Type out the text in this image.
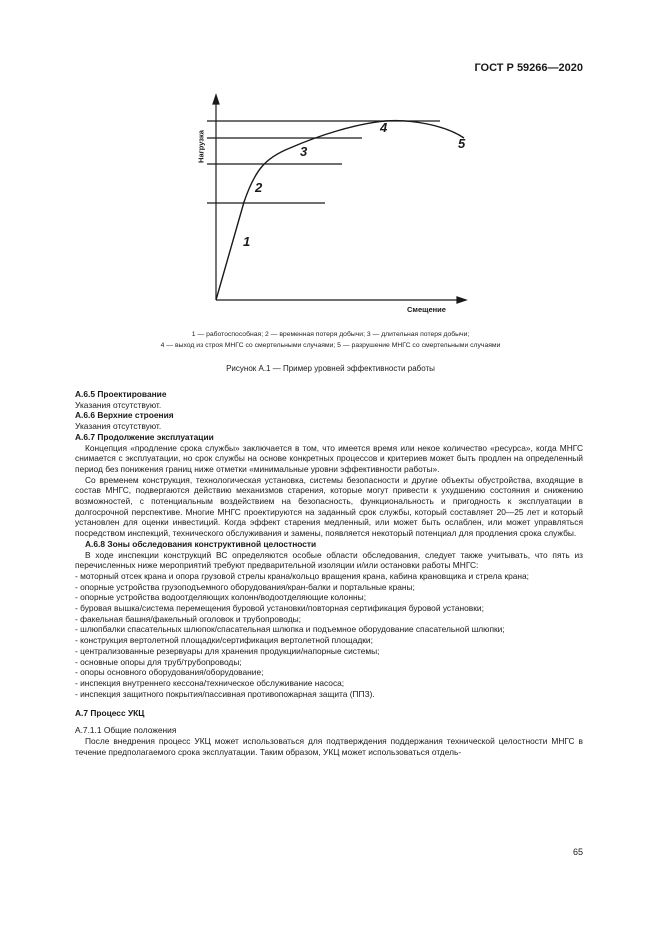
ГОСТ Р 59266—2020
Нагрузка
Смещение
1
2
3
4
5
1 — работоспособная; 2 — временная потеря добычи; 3 — длительная потеря добычи;
4 — выход из строя МНГС со смертельными случаями; 5 — разрушение МНГС со смертельными случаями
Рисунок А.1 — Пример уровней эффективности работы

А.6.5 Проектирование

Указания отсутствуют.

А.6.6 Верхние строения

Указания отсутствуют.

А.6.7 Продолжение эксплуатации

Концепция «продление срока службы» заключается в том, что имеется время или некое количество «ресурса», когда МНГС снимается с эксплуатации, но срок службы на основе конкретных процессов и критериев может быть продлен на определенный период без понижения границ ниже отметки «минимальные уровни эффективности работы».

Со временем конструкция, технологическая установка, системы безопасности и другие объекты обустройства, входящие в состав МНГС, подвергаются действию механизмов старения, которые могут привести к ухудшению состояния и снижению возможностей, с потенциальным воздействием на безопасность, функциональность и пригодность к эксплуатации в долгосрочной перспективе. Многие МНГС проектируются на заданный срок службы, который составляет 20—25 лет и который установлен для оценки инвестиций. Когда эффект старения медленный, или может быть ослаблен, или может управляться посредством инспекций, технического обслуживания и замены, появляется некоторый потенциал для продления срока службы.

А.6.8 Зоны обследования конструктивной целостности

В ходе инспекции конструкций ВС определяются особые области обследования, следует также учитывать, что пять из перечисленных ниже мероприятий требуют предварительной изоляции и/или остановки работы МНГС:

- моторный отсек крана и опора грузовой стрелы крана/кольцо вращения крана, кабина крановщика и стрела крана;

- опорные устройства грузоподъемного оборудования/кран-балки и портальные краны;

- опорные устройства водоотделяющих колонн/водоотделяющие колонны;

- буровая вышка/система перемещения буровой установки/повторная сертификация буровой установки;

- факельная башня/факельный оголовок и трубопроводы;

- шлюпбалки спасательных шлюпок/спасательная шлюпка и подъемное оборудование спасательной шлюпки;

- конструкция вертолетной площадки/сертификация вертолетной площадки;

- централизованные резервуары для хранения продукции/напорные системы;

- основные опоры для труб/трубопроводы;

- опоры основного оборудования/оборудование;

- инспекция внутреннего кессона/техническое обслуживание насоса;

- инспекция защитного покрытия/пассивная противопожарная защита (ППЗ).

А.7 Процесс УКЦ

А.7.1.1 Общие положения

После внедрения процесс УКЦ может использоваться для подтверждения поддержания технической целостности МНГС в течение предполагаемого срока эксплуатации. Таким образом, УКЦ может использоваться отдель-

65
